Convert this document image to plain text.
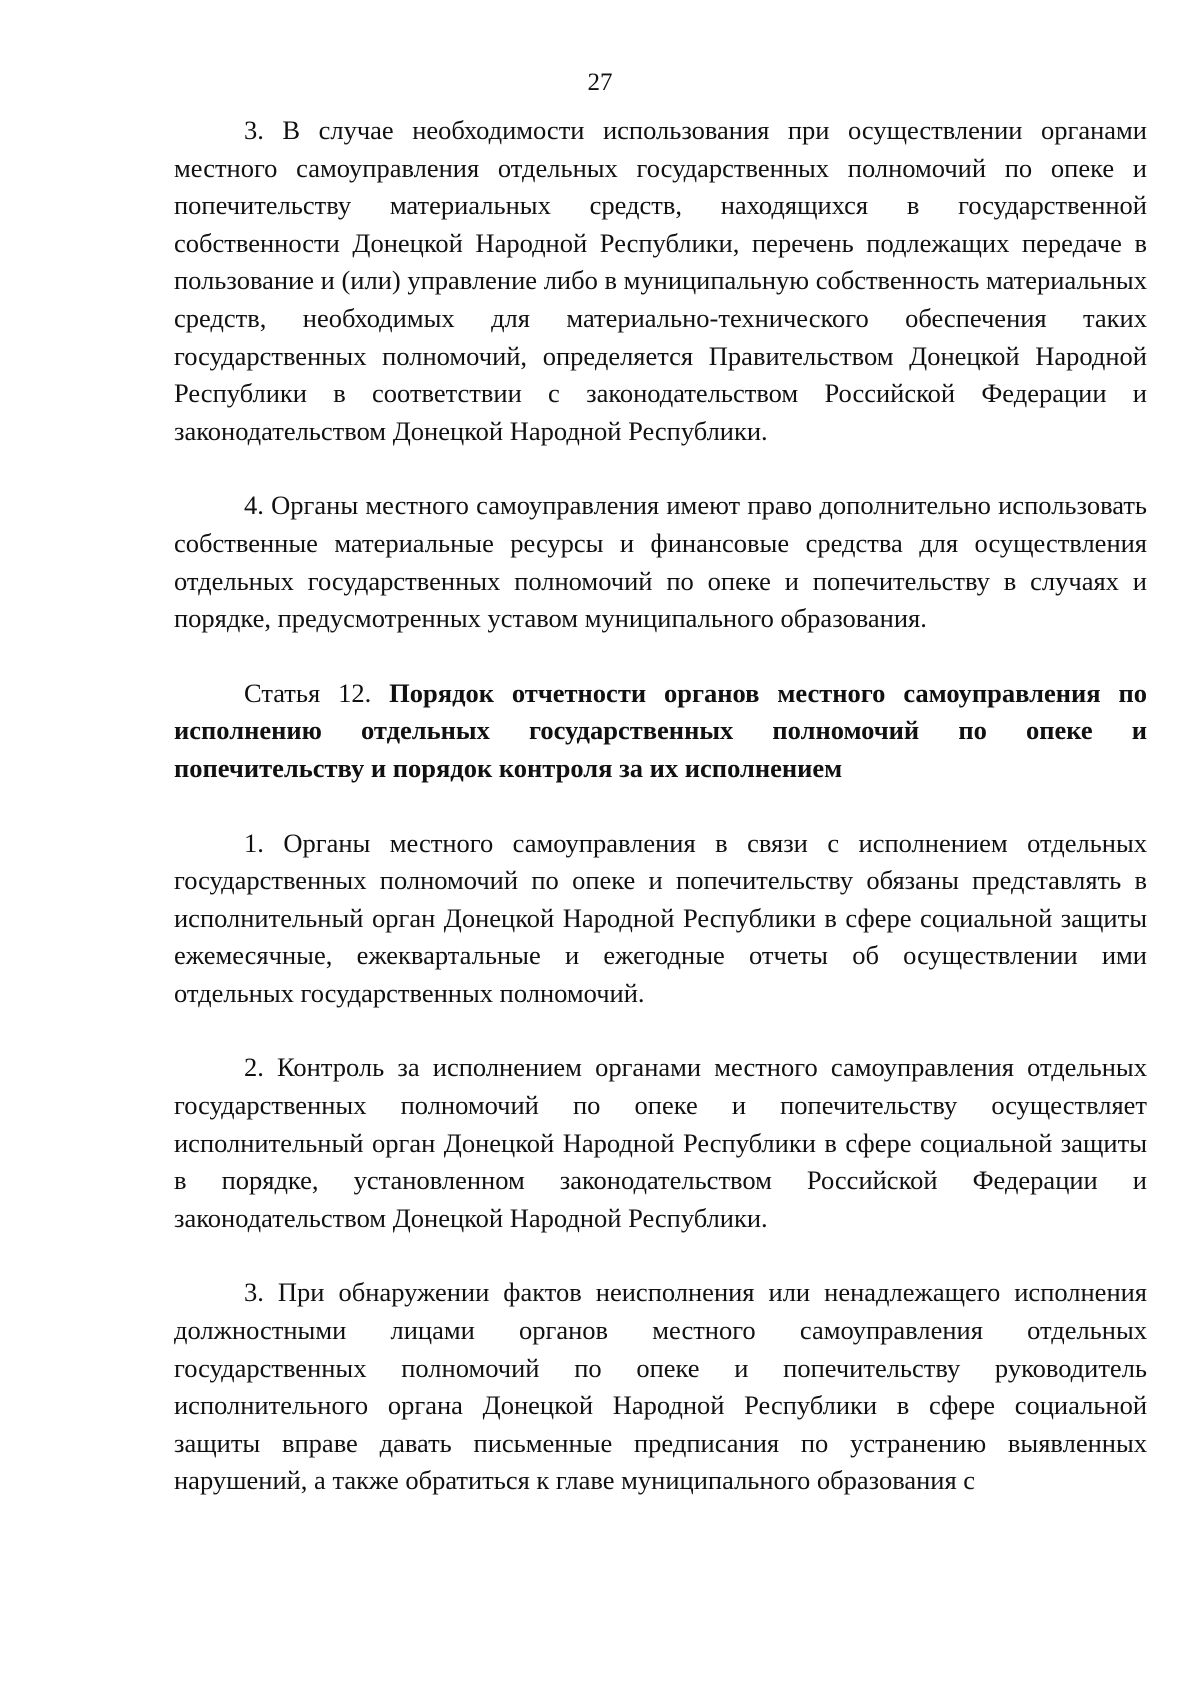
27

3. В случае необходимости использования при осуществлении органами местного самоуправления отдельных государственных полномочий по опеке и попечительству материальных средств, находящихся в государственной собственности Донецкой Народной Республики, перечень подлежащих передаче в пользование и (или) управление либо в муниципальную собственность материальных средств, необходимых для материально-технического обеспечения таких государственных полномочий, определяется Правительством Донецкой Народной Республики в соответствии с законодательством Российской Федерации и законодательством Донецкой Народной Республики.

4. Органы местного самоуправления имеют право дополнительно использовать собственные материальные ресурсы и финансовые средства для осуществления отдельных государственных полномочий по опеке и попечительству в случаях и порядке, предусмотренных уставом муниципального образования.

Статья 12. Порядок отчетности органов местного самоуправления по исполнению отдельных государственных полномочий по опеке и попечительству и порядок контроля за их исполнением

1. Органы местного самоуправления в связи с исполнением отдельных государственных полномочий по опеке и попечительству обязаны представлять в исполнительный орган Донецкой Народной Республики в сфере социальной защиты ежемесячные, ежеквартальные и ежегодные отчеты об осуществлении ими отдельных государственных полномочий.

2. Контроль за исполнением органами местного самоуправления отдельных государственных полномочий по опеке и попечительству осуществляет исполнительный орган Донецкой Народной Республики в сфере социальной защиты в порядке, установленном законодательством Российской Федерации и законодательством Донецкой Народной Республики.

3. При обнаружении фактов неисполнения или ненадлежащего исполнения должностными лицами органов местного самоуправления отдельных государственных полномочий по опеке и попечительству руководитель исполнительного органа Донецкой Народной Республики в сфере социальной защиты вправе давать письменные предписания по устранению выявленных нарушений, а также обратиться к главе муниципального образования с
